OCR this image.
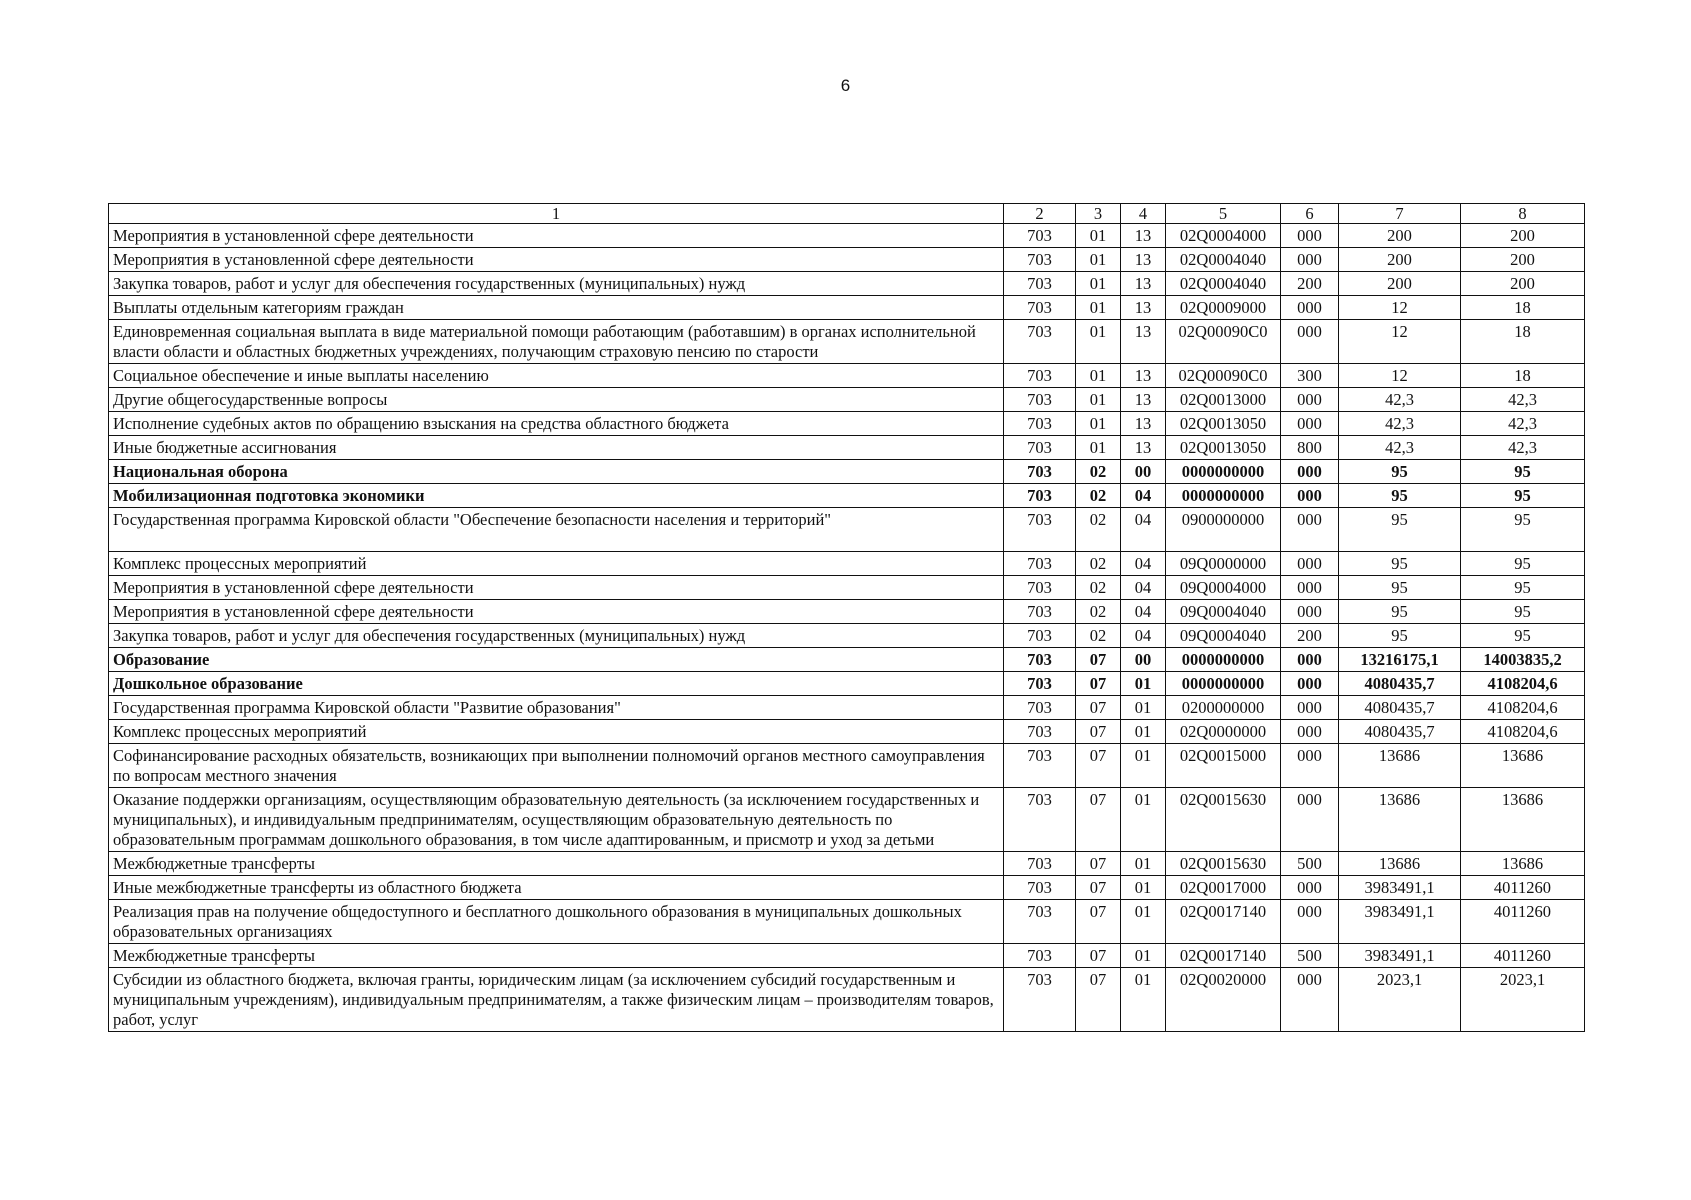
6
1	2	3	4	5	6	7	8
Мероприятия в установленной сфере деятельности	703	01	13	02Q0004000	000	200	200
Мероприятия в установленной сфере деятельности	703	01	13	02Q0004040	000	200	200
Закупка товаров, работ и услуг для обеспечения государственных (муниципальных) нужд	703	01	13	02Q0004040	200	200	200
Выплаты отдельным категориям граждан	703	01	13	02Q0009000	000	12	18
Единовременная социальная выплата в виде материальной помощи работающим (работавшим) в органах исполнительной власти области и областных бюджетных учреждениях, получающим страховую пенсию по старости	703	01	13	02Q00090C0	000	12	18
Социальное обеспечение и иные выплаты населению	703	01	13	02Q00090C0	300	12	18
Другие общегосударственные вопросы	703	01	13	02Q0013000	000	42,3	42,3
Исполнение судебных актов по обращению взыскания на средства областного бюджета	703	01	13	02Q0013050	000	42,3	42,3
Иные бюджетные ассигнования	703	01	13	02Q0013050	800	42,3	42,3
Национальная оборона	703	02	00	0000000000	000	95	95
Мобилизационная подготовка экономики	703	02	04	0000000000	000	95	95
Государственная программа Кировской области "Обеспечение безопасности населения и территорий"	703	02	04	0900000000	000	95	95
Комплекс процессных мероприятий	703	02	04	09Q0000000	000	95	95
Мероприятия в установленной сфере деятельности	703	02	04	09Q0004000	000	95	95
Мероприятия в установленной сфере деятельности	703	02	04	09Q0004040	000	95	95
Закупка товаров, работ и услуг для обеспечения государственных (муниципальных) нужд	703	02	04	09Q0004040	200	95	95
Образование	703	07	00	0000000000	000	13216175,1	14003835,2
Дошкольное образование	703	07	01	0000000000	000	4080435,7	4108204,6
Государственная программа Кировской области "Развитие образования"	703	07	01	0200000000	000	4080435,7	4108204,6
Комплекс процессных мероприятий	703	07	01	02Q0000000	000	4080435,7	4108204,6
Софинансирование расходных обязательств, возникающих при выполнении полномочий органов местного самоуправления по вопросам местного значения	703	07	01	02Q0015000	000	13686	13686
Оказание поддержки организациям, осуществляющим образовательную деятельность (за исключением государственных и муниципальных), и индивидуальным предпринимателям, осуществляющим образовательную деятельность по образовательным программам дошкольного образования, в том числе адаптированным, и присмотр и уход за детьми	703	07	01	02Q0015630	000	13686	13686
Межбюджетные трансферты	703	07	01	02Q0015630	500	13686	13686
Иные межбюджетные трансферты из областного бюджета	703	07	01	02Q0017000	000	3983491,1	4011260
Реализация прав на получение общедоступного и бесплатного дошкольного образования в муниципальных дошкольных образовательных организациях	703	07	01	02Q0017140	000	3983491,1	4011260
Межбюджетные трансферты	703	07	01	02Q0017140	500	3983491,1	4011260
Субсидии из областного бюджета, включая гранты, юридическим лицам (за исключением субсидий государственным и муниципальным учреждениям), индивидуальным предпринимателям, а также физическим лицам – производителям товаров, работ, услуг	703	07	01	02Q0020000	000	2023,1	2023,1
